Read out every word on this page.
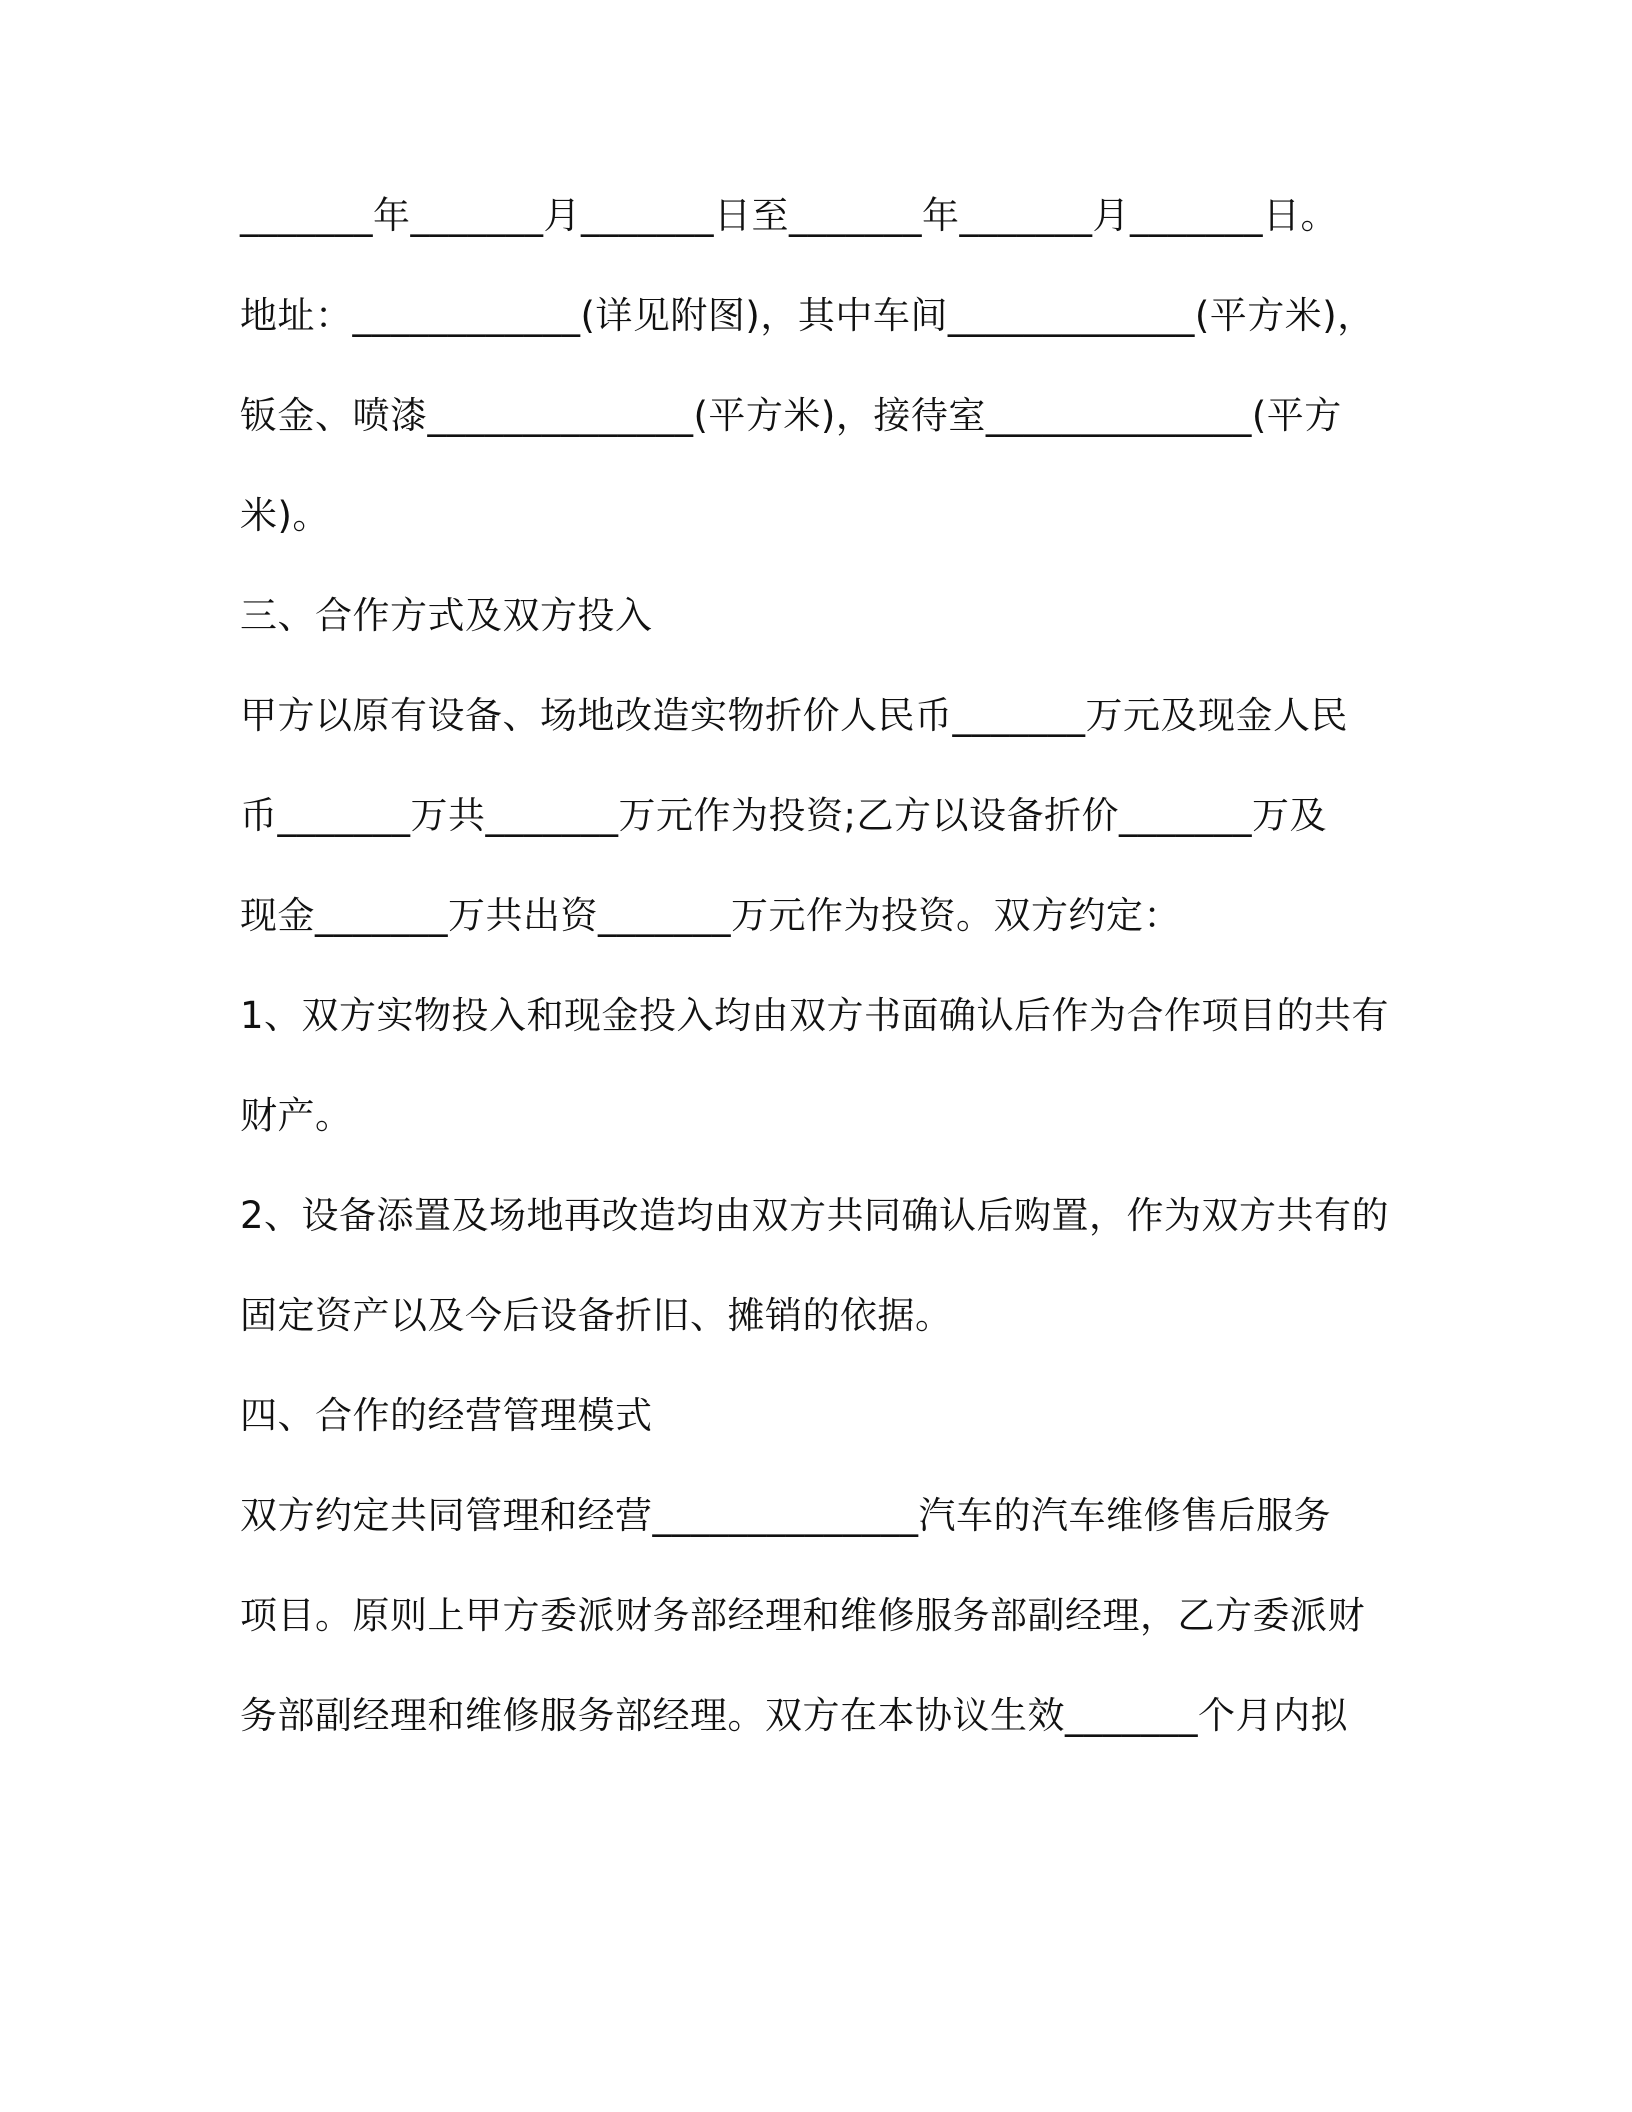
_______年_______月_______日至_______年_______月_______日。
地址：____________(详见附图)，其中车间_____________(平方米)，
钣金、喷漆______________(平方米)，接待室______________(平方
米)。
三、合作方式及双方投入
甲方以原有设备、场地改造实物折价人民币_______万元及现金人民
币_______万共_______万元作为投资;乙方以设备折价_______万及
现金_______万共出资_______万元作为投资。双方约定：
1、双方实物投入和现金投入均由双方书面确认后作为合作项目的共有
财产。
2、设备添置及场地再改造均由双方共同确认后购置，作为双方共有的
固定资产以及今后设备折旧、摊销的依据。
四、合作的经营管理模式
双方约定共同管理和经营______________汽车的汽车维修售后服务
项目。原则上甲方委派财务部经理和维修服务部副经理，乙方委派财
务部副经理和维修服务部经理。双方在本协议生效_______个月内拟
